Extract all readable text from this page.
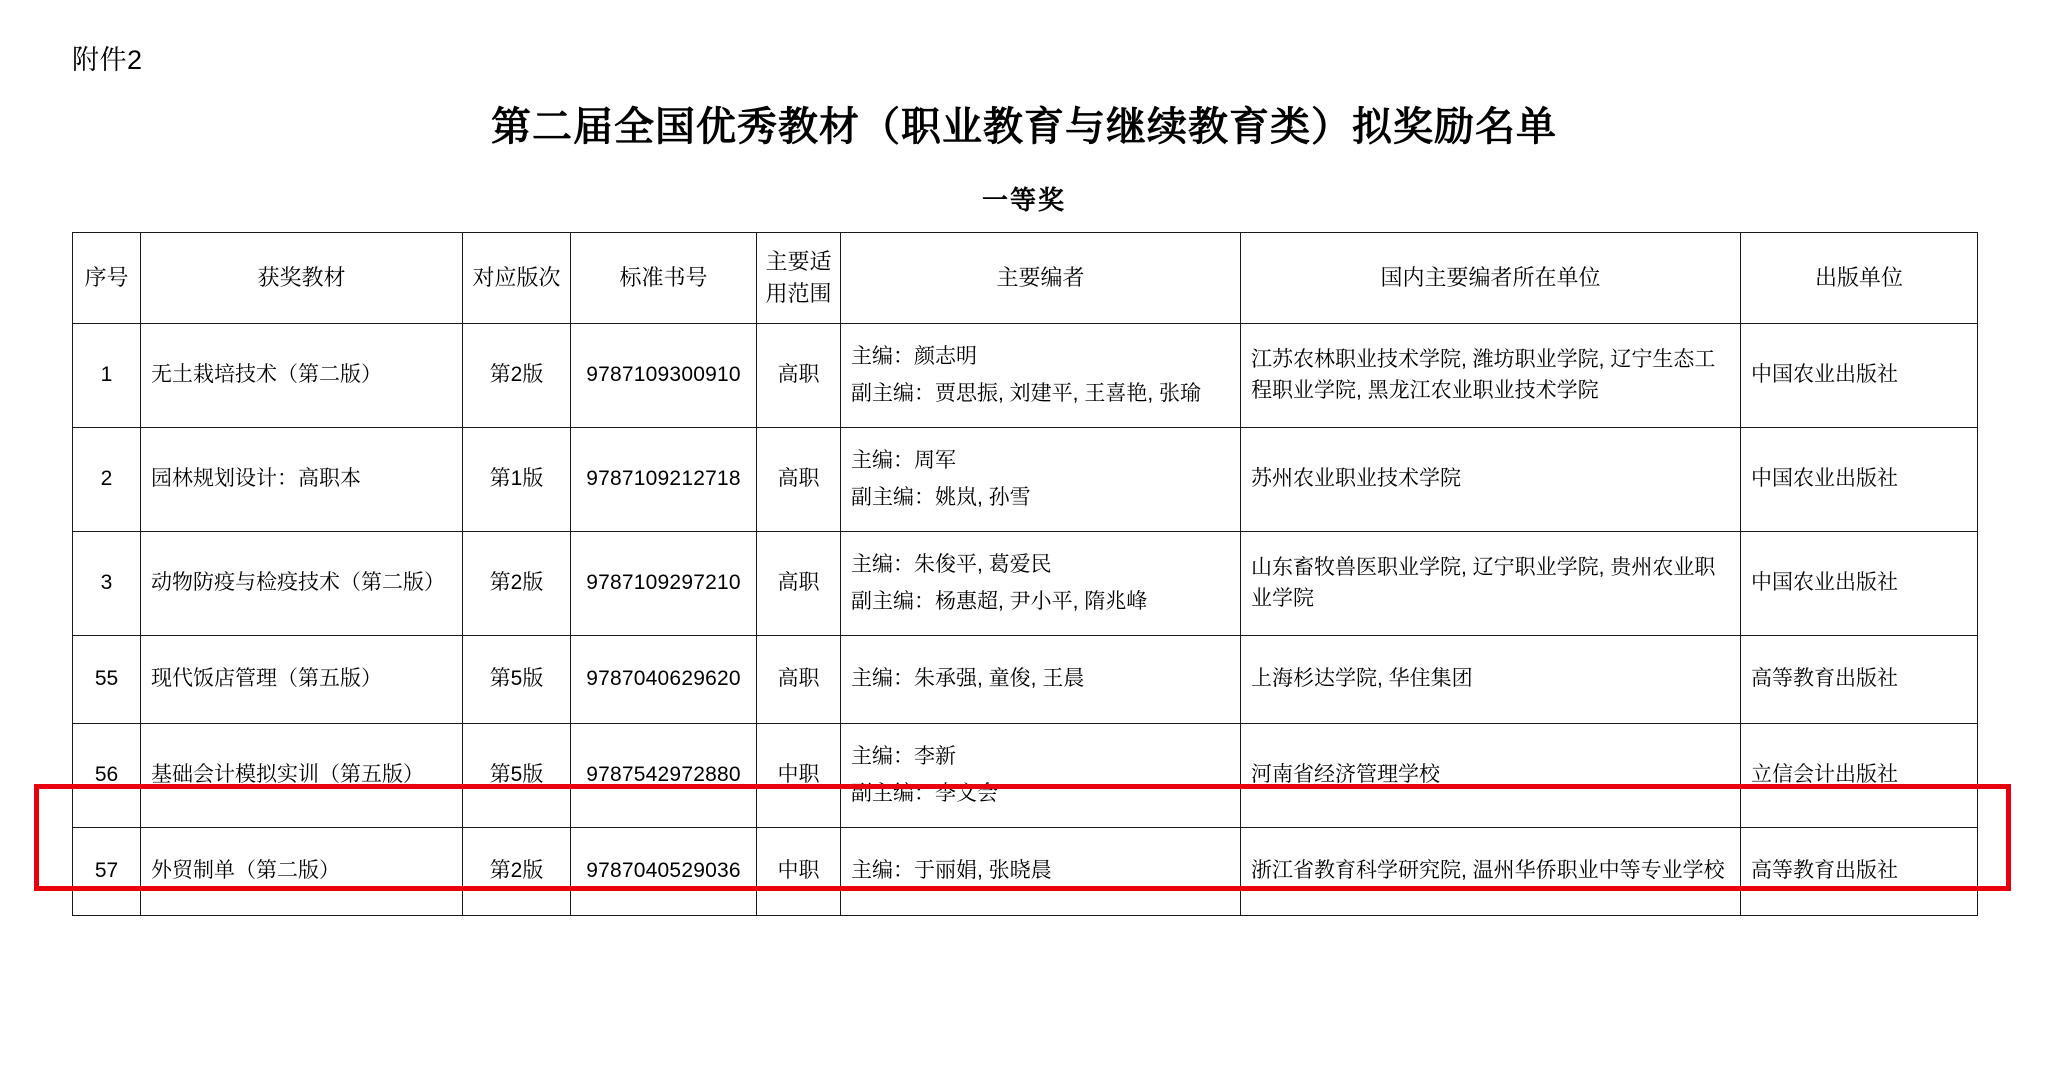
附件2
第二届全国优秀教材（职业教育与继续教育类）拟奖励名单
一等奖
序号	获奖教材	对应版次	标准书号	主要适
用范围	主要编者	国内主要编者所在单位	出版单位
1	无土栽培技术（第二版）	第2版	9787109300910	高职	主编：颜志明
副主编：贾思振, 刘建平, 王喜艳, 张瑜	江苏农林职业技术学院, 潍坊职业学院, 辽宁生态工程职业学院, 黑龙江农业职业技术学院	中国农业出版社
2	园林规划设计：高职本	第1版	9787109212718	高职	主编：周军
副主编：姚岚, 孙雪	苏州农业职业技术学院	中国农业出版社
3	动物防疫与检疫技术（第二版）	第2版	9787109297210	高职	主编：朱俊平, 葛爱民
副主编：杨惠超, 尹小平, 隋兆峰	山东畜牧兽医职业学院, 辽宁职业学院, 贵州农业职业学院	中国农业出版社
55	现代饭店管理（第五版）	第5版	9787040629620	高职	主编：朱承强, 童俊, 王晨	上海杉达学院, 华住集团	高等教育出版社
56	基础会计模拟实训（第五版）	第5版	9787542972880	中职	主编：李新
副主编：李文会	河南省经济管理学校	立信会计出版社
57	外贸制单（第二版）	第2版	9787040529036	中职	主编：于丽娟, 张晓晨	浙江省教育科学研究院, 温州华侨职业中等专业学校	高等教育出版社
